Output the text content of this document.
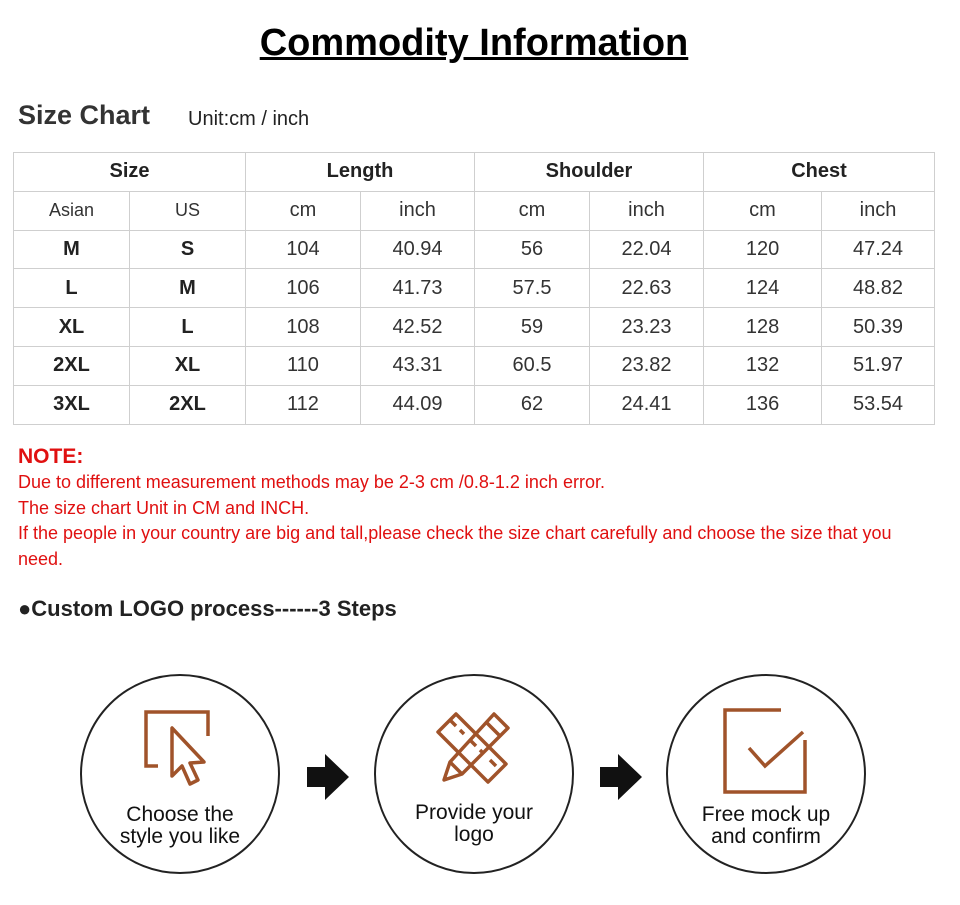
Commodity Information
Size Chart Unit:cm / inch
Size		Length		Shoulder		Chest	
Asian	US	cm	inch	cm	inch	cm	inch
M	S	104	40.94	56	22.04	120	47.24
L	M	106	41.73	57.5	22.63	124	48.82
XL	L	108	42.52	59	23.23	128	50.39
2XL	XL	110	43.31	60.5	23.82	132	51.97
3XL	2XL	112	44.09	62	24.41	136	53.54
NOTE:
Due to different measurement methods may be 2-3 cm /0.8-1.2 inch error.
The size chart Unit in CM and INCH.
If the people in your country are big and tall,please check the size chart carefully and choose the size that you need.
●Custom LOGO process------3 Steps
Choose the
style you like
Provide your
logo
Free mock up
and confirm
